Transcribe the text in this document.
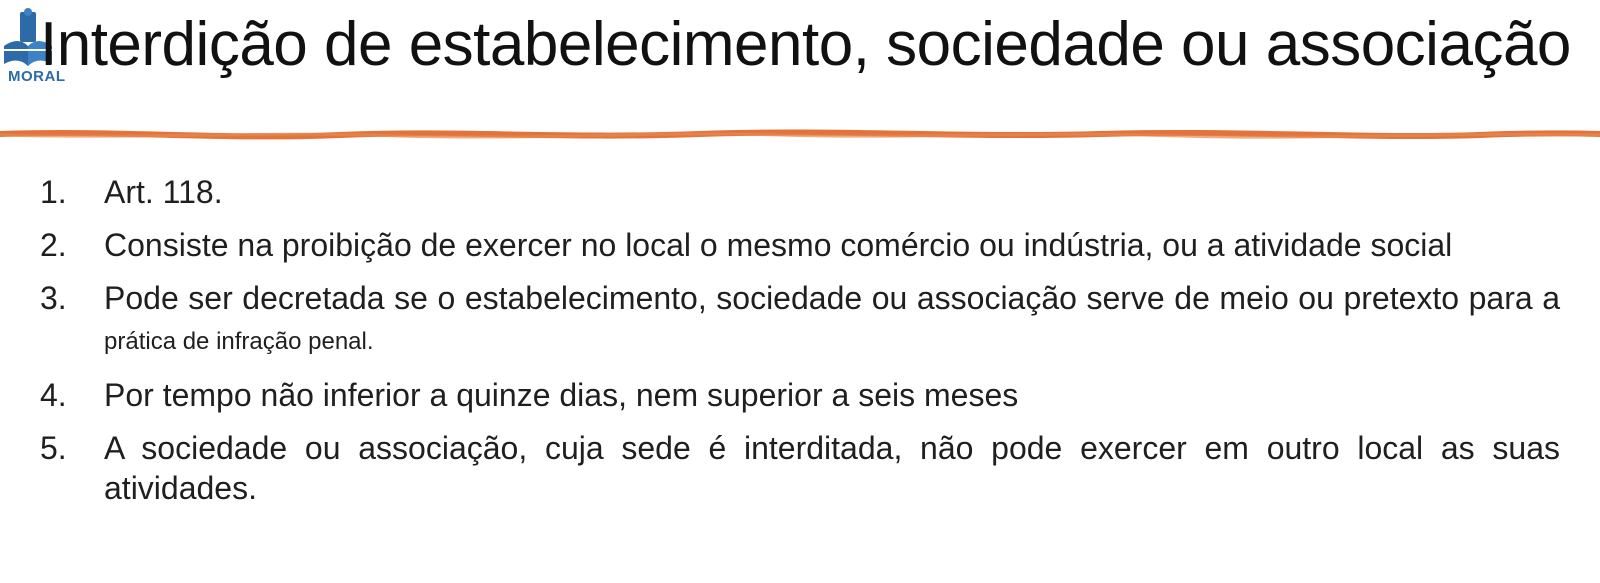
MORAL
Interdição de estabelecimento, sociedade ou associação
1.	Art. 118.
2.	Consiste na proibição de exercer no local o mesmo comércio ou indústria, ou a atividade social
3.	Pode ser decretada se o estabelecimento, sociedade ou associação serve de meio ou pretexto para a prática de infração penal.
4.	Por tempo não inferior a quinze dias, nem superior a seis meses
5.	A sociedade ou associação, cuja sede é interditada, não pode exercer em outro local as suas atividades.
